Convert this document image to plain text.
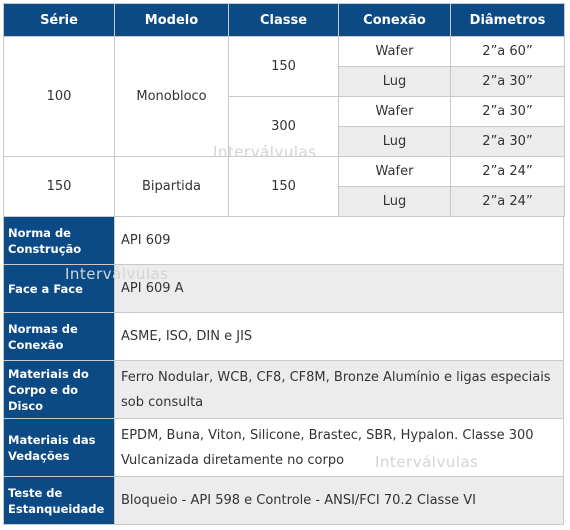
Série	Modelo	Classe	Conexão	Diâmetros
100	Monobloco	150	Wafer	2”a 60”
			Lug	2”a 30”
		300	Wafer	2”a 30”
			Lug	2”a 30”
150	Bipartida	150	Wafer	2”a 24”
			Lug	2”a 24”
Norma de Construção	API 609
Face a Face	API 609 A
Normas de Conexão	ASME, ISO, DIN e JIS
Materiais do Corpo e do Disco	Ferro Nodular, WCB, CF8, CF8M, Bronze Alumínio e ligas especiais sob consulta
Materiais das Vedações	EPDM, Buna, Viton, Silicone, Brastec, SBR, Hypalon. Classe 300 Vulcanizada diretamente no corpo
Teste de Estanqueidade	Bloqueio - API 598 e Controle - ANSI/FCI 70.2 Classe VI
Interválvulas
Interválvulas
Interválvulas
